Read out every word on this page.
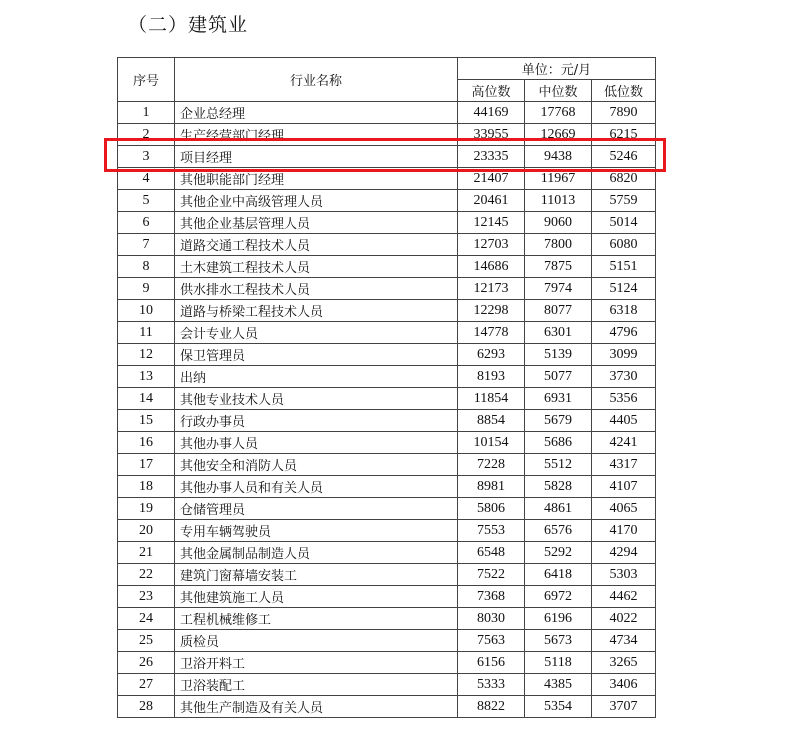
（二）建筑业
序号	行业名称	单位：元/月		
		高位数	中位数	低位数
1	企业总经理	44169	17768	7890
2	生产经营部门经理	33955	12669	6215
3	项目经理	23335	9438	5246
4	其他职能部门经理	21407	11967	6820
5	其他企业中高级管理人员	20461	11013	5759
6	其他企业基层管理人员	12145	9060	5014
7	道路交通工程技术人员	12703	7800	6080
8	土木建筑工程技术人员	14686	7875	5151
9	供水排水工程技术人员	12173	7974	5124
10	道路与桥梁工程技术人员	12298	8077	6318
11	会计专业人员	14778	6301	4796
12	保卫管理员	6293	5139	3099
13	出纳	8193	5077	3730
14	其他专业技术人员	11854	6931	5356
15	行政办事员	8854	5679	4405
16	其他办事人员	10154	5686	4241
17	其他安全和消防人员	7228	5512	4317
18	其他办事人员和有关人员	8981	5828	4107
19	仓储管理员	5806	4861	4065
20	专用车辆驾驶员	7553	6576	4170
21	其他金属制品制造人员	6548	5292	4294
22	建筑门窗幕墙安装工	7522	6418	5303
23	其他建筑施工人员	7368	6972	4462
24	工程机械维修工	8030	6196	4022
25	质检员	7563	5673	4734
26	卫浴开料工	6156	5118	3265
27	卫浴装配工	5333	4385	3406
28	其他生产制造及有关人员	8822	5354	3707
